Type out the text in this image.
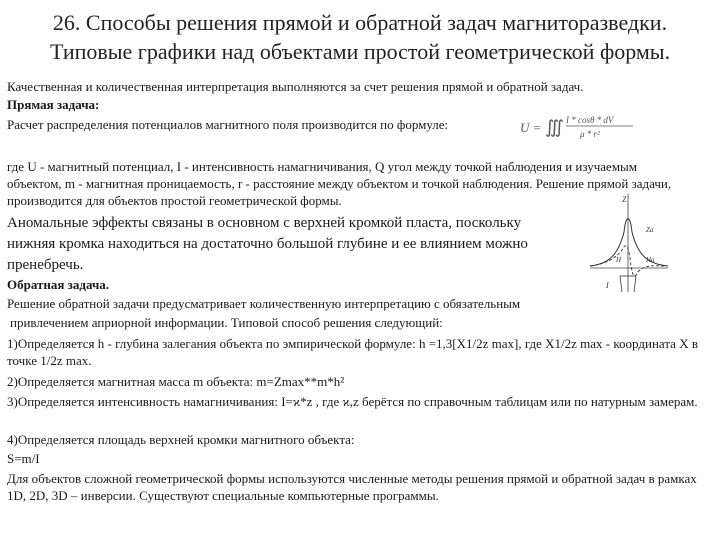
26. Способы решения прямой и обратной задач магниторазведки.
Типовые графики над объектами простой геометрической формы.
Качественная и количественная интерпретация выполняются за счет решения прямой и обратной задач.
Прямая задача:
Расчет распределения потенциалов магнитного поля производится по формуле:	U = ∭ I * cosθ * dV
μ * r²
где U - магнитный потенциал, I - интенсивность намагничивания, Q угол между точкой наблюдения и изучаемым объектом, m - магнитная проницаемость, r - расстояние между объектом и точкой наблюдения. Решение прямой задачи, производится для объектов простой геометрической формы.
Аномальные эффекты связаны в основном с верхней кромкой пласта, поскольку
нижняя кромка находиться на достаточно большой глубине и ее влиянием можно
пренебречь.
Z
Za
H	Ha
I
Обратная задача.
Решение обратной задачи предусматривает количественную интерпретацию с обязательным
привлечением априорной информации. Типовой способ решения следующий:
1)Определяется h - глубина залегания объекта по эмпирической формуле: h =1,3[X1/2z max], где X1/2z max - координата X в точке 1/2z max.
2)Определяется магнитная масса m объекта: m=Zmax**m*h²
3)Определяется интенсивность намагничивания: I=ϰ*z , где ϰ,z берётся по справочным таблицам или по натурным замерам.
4)Определяется площадь верхней кромки магнитного объекта:
S=m/I
Для объектов сложной геометрической формы используются численные методы решения прямой и обратной задач в рамках 1D, 2D, 3D – инверсии. Существуют специальные компьютерные программы.
